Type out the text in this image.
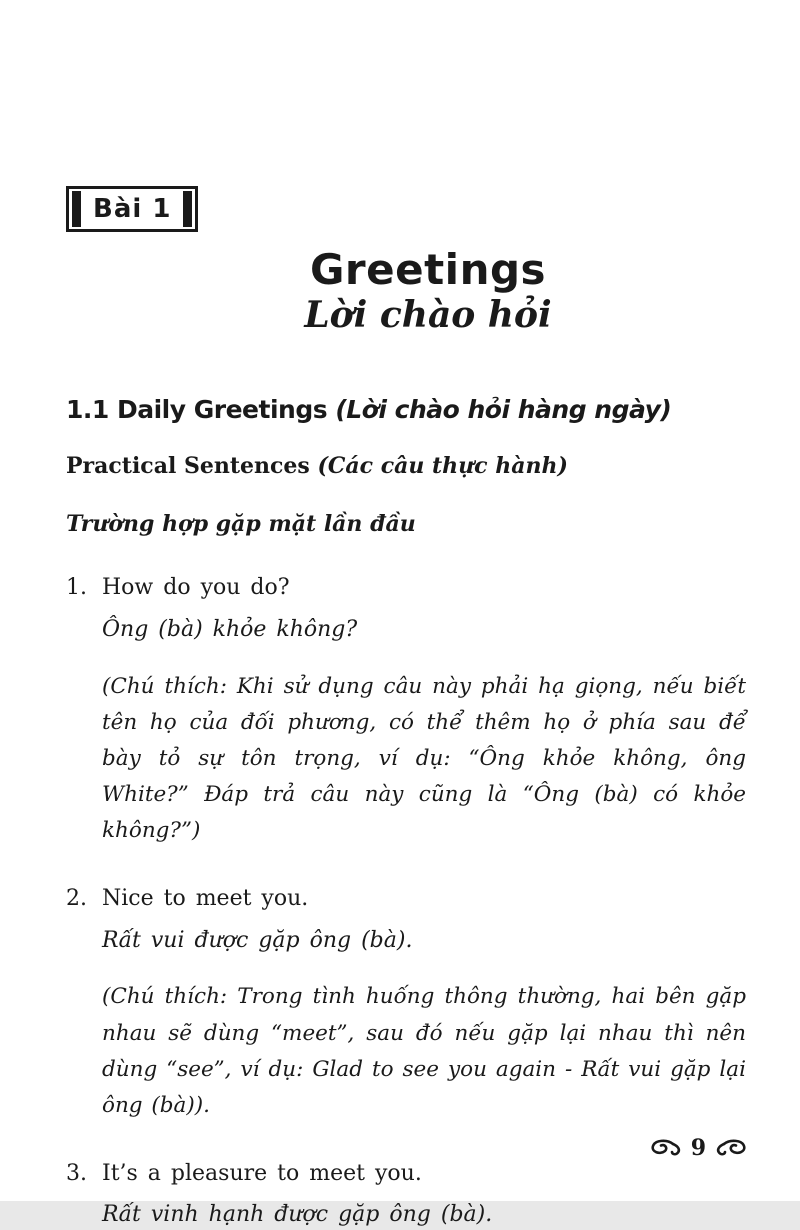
Bài 1
Greetings
Lời chào hỏi
1.1 Daily Greetings (Lời chào hỏi hàng ngày)
Practical Sentences (Các câu thực hành)
Trường hợp gặp mặt lần đầu
1. How do you do?
Ông (bà) khỏe không?
(Chú thích: Khi sử dụng câu này phải hạ giọng, nếu biết tên họ của đối phương, có thể thêm họ ở phía sau để bày tỏ sự tôn trọng, ví dụ: “Ông khỏe không, ông White?” Đáp trả câu này cũng là “Ông (bà) có khỏe không?”)
2. Nice to meet you.
Rất vui được gặp ông (bà).
(Chú thích: Trong tình huống thông thường, hai bên gặp nhau sẽ dùng “meet”, sau đó nếu gặp lại nhau thì nên dùng “see”, ví dụ: Glad to see you again - Rất vui gặp lại ông (bà)).
3. It’s a pleasure to meet you.
Rất vinh hạnh được gặp ông (bà).
9
